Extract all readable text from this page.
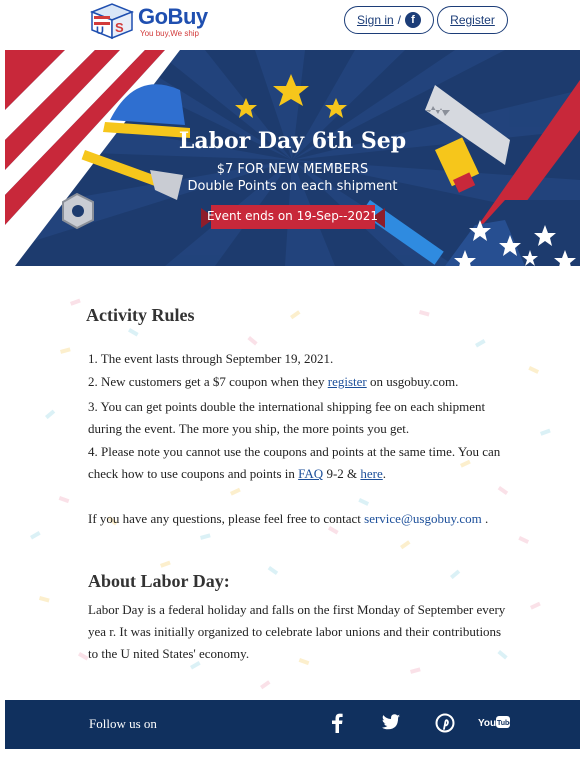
S
U
GoBuy
You buy,We ship
Sign in / f	Register
Labor Day 6th Sep
$7 FOR NEW MEMBERS
Double Points on each shipment
Event ends on 19-Sep--2021
Activity Rules
1. The event lasts through September 19, 2021.
2. New customers get a $7 coupon when they register on usgobuy.com.
3. You can get points double the international shipping fee on each shipment during the event. The more you ship, the more points you get.
4. Please note you cannot use the coupons and points at the same time. You can check how to use coupons and points in FAQ 9-2 & here.
If you have any questions, please feel free to contact service@usgobuy.com .
About Labor Day:
Labor Day is a federal holiday and falls on the first Monday of September every yea r. It was initially organized to celebrate labor unions and their contributions to the U nited States' economy.
Follow us on	You Tube
